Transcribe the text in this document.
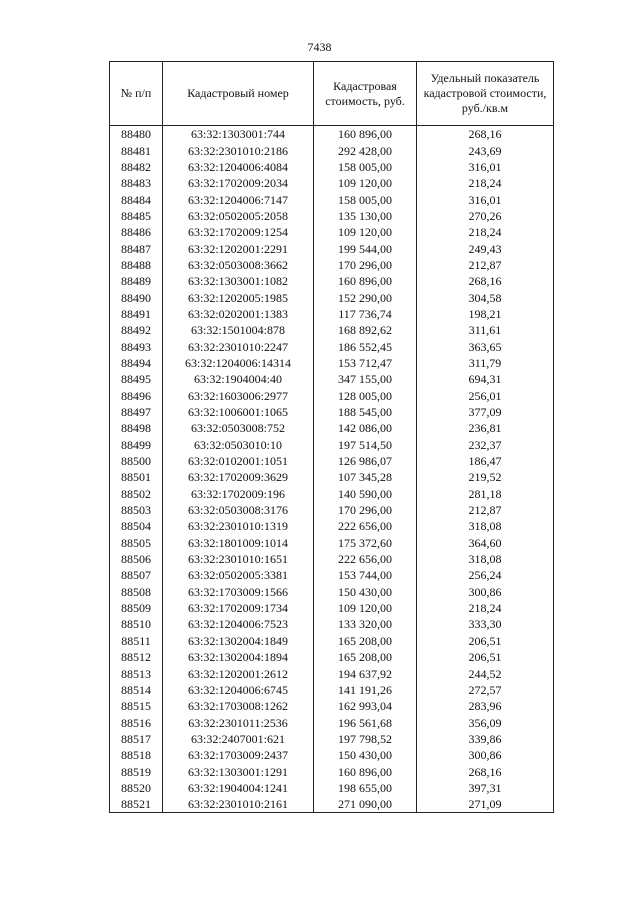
7438
№ п/п	Кадастровый номер	Кадастровая стоимость, руб.	Удельный показатель кадастровой стоимости, руб./кв.м
88480	63:32:1303001:744	160 896,00	268,16
88481	63:32:2301010:2186	292 428,00	243,69
88482	63:32:1204006:4084	158 005,00	316,01
88483	63:32:1702009:2034	109 120,00	218,24
88484	63:32:1204006:7147	158 005,00	316,01
88485	63:32:0502005:2058	135 130,00	270,26
88486	63:32:1702009:1254	109 120,00	218,24
88487	63:32:1202001:2291	199 544,00	249,43
88488	63:32:0503008:3662	170 296,00	212,87
88489	63:32:1303001:1082	160 896,00	268,16
88490	63:32:1202005:1985	152 290,00	304,58
88491	63:32:0202001:1383	117 736,74	198,21
88492	63:32:1501004:878	168 892,62	311,61
88493	63:32:2301010:2247	186 552,45	363,65
88494	63:32:1204006:14314	153 712,47	311,79
88495	63:32:1904004:40	347 155,00	694,31
88496	63:32:1603006:2977	128 005,00	256,01
88497	63:32:1006001:1065	188 545,00	377,09
88498	63:32:0503008:752	142 086,00	236,81
88499	63:32:0503010:10	197 514,50	232,37
88500	63:32:0102001:1051	126 986,07	186,47
88501	63:32:1702009:3629	107 345,28	219,52
88502	63:32:1702009:196	140 590,00	281,18
88503	63:32:0503008:3176	170 296,00	212,87
88504	63:32:2301010:1319	222 656,00	318,08
88505	63:32:1801009:1014	175 372,60	364,60
88506	63:32:2301010:1651	222 656,00	318,08
88507	63:32:0502005:3381	153 744,00	256,24
88508	63:32:1703009:1566	150 430,00	300,86
88509	63:32:1702009:1734	109 120,00	218,24
88510	63:32:1204006:7523	133 320,00	333,30
88511	63:32:1302004:1849	165 208,00	206,51
88512	63:32:1302004:1894	165 208,00	206,51
88513	63:32:1202001:2612	194 637,92	244,52
88514	63:32:1204006:6745	141 191,26	272,57
88515	63:32:1703008:1262	162 993,04	283,96
88516	63:32:2301011:2536	196 561,68	356,09
88517	63:32:2407001:621	197 798,52	339,86
88518	63:32:1703009:2437	150 430,00	300,86
88519	63:32:1303001:1291	160 896,00	268,16
88520	63:32:1904004:1241	198 655,00	397,31
88521	63:32:2301010:2161	271 090,00	271,09
